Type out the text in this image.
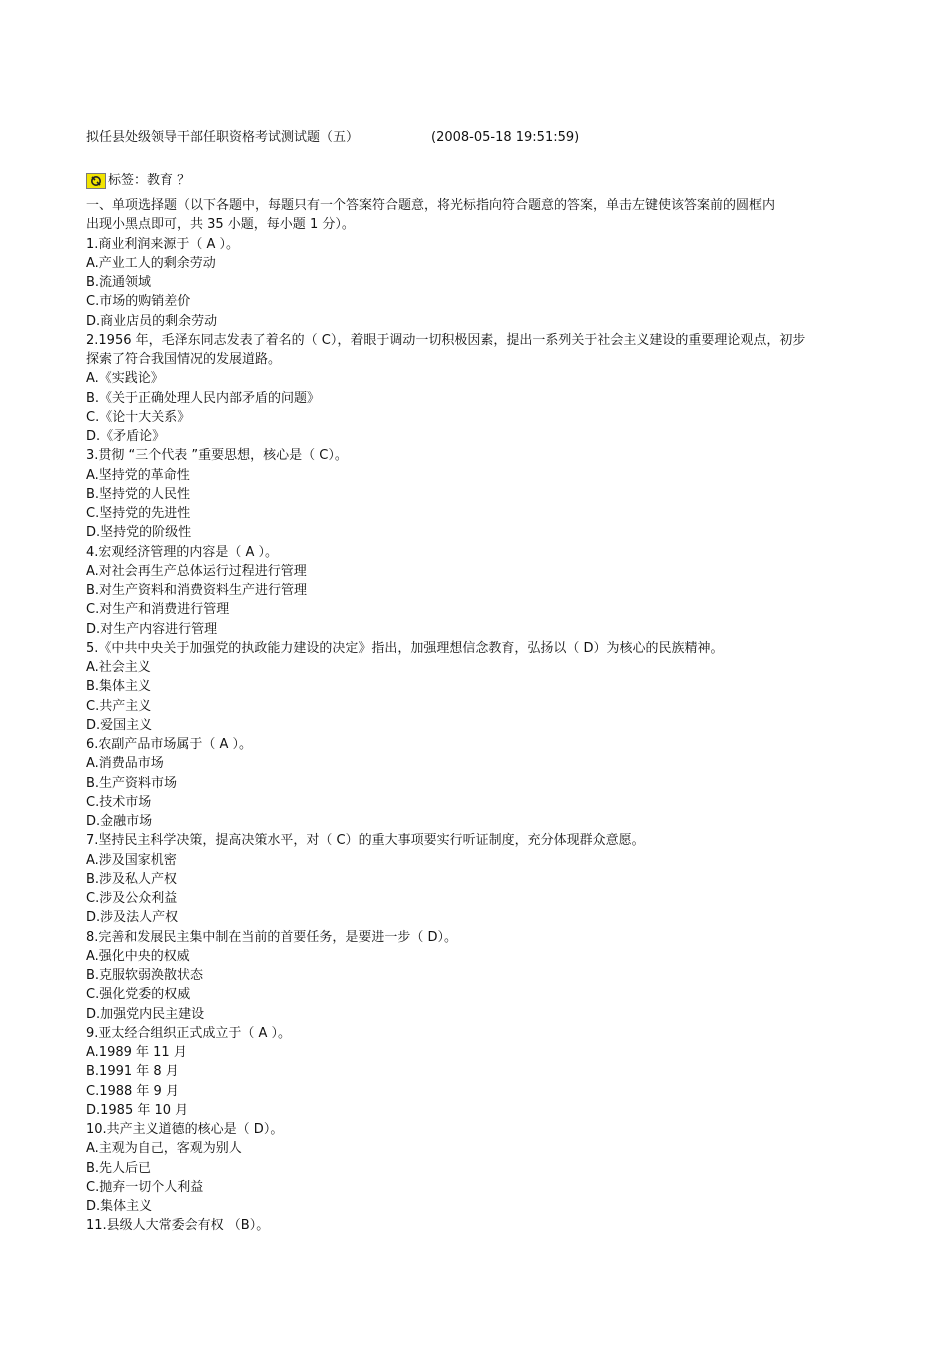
拟任县处级领导干部任职资格考试测试题（五）	(2008-05-18 19:51:59)
标签：教育 ？
一、单项选择题（以下各题中，每题只有一个答案符合题意，将光标指向符合题意的答案，单击左键使该答案前的圆框内出现小黑点即可，共 35 小题，每小题 1 分）。
1.商业利润来源于（ A ）。
A.产业工人的剩余劳动
B.流通领域
C.市场的购销差价
D.商业店员的剩余劳动
2.1956 年，毛泽东同志发表了着名的（ C），着眼于调动一切积极因素，提出一系列关于社会主义建设的重要理论观点，初步探索了符合我国情况的发展道路。
A.《实践论》
B.《关于正确处理人民内部矛盾的问题》
C.《论十大关系》
D.《矛盾论》
3.贯彻 “三个代表 ”重要思想，核心是（ C）。
A.坚持党的革命性
B.坚持党的人民性
C.坚持党的先进性
D.坚持党的阶级性
4.宏观经济管理的内容是（ A ）。
A.对社会再生产总体运行过程进行管理
B.对生产资料和消费资料生产进行管理
C.对生产和消费进行管理
D.对生产内容进行管理
5.《中共中央关于加强党的执政能力建设的决定》指出，加强理想信念教育，弘扬以（ D）为核心的民族精神。
A.社会主义
B.集体主义
C.共产主义
D.爱国主义
6.农副产品市场属于（ A ）。
A.消费品市场
B.生产资料市场
C.技术市场
D.金融市场
7.坚持民主科学决策，提高决策水平，对（ C）的重大事项要实行听证制度，充分体现群众意愿。
A.涉及国家机密
B.涉及私人产权
C.涉及公众利益
D.涉及法人产权
8.完善和发展民主集中制在当前的首要任务，是要进一步（ D）。
A.强化中央的权威
B.克服软弱涣散状态
C.强化党委的权威
D.加强党内民主建设
9.亚太经合组织正式成立于（ A ）。
A.1989 年 11 月
B.1991 年 8 月
C.1988 年 9 月
D.1985 年 10 月
10.共产主义道德的核心是（ D）。
A.主观为自己，客观为别人
B.先人后已
C.抛弃一切个人利益
D.集体主义
11.县级人大常委会有权 （B）。
